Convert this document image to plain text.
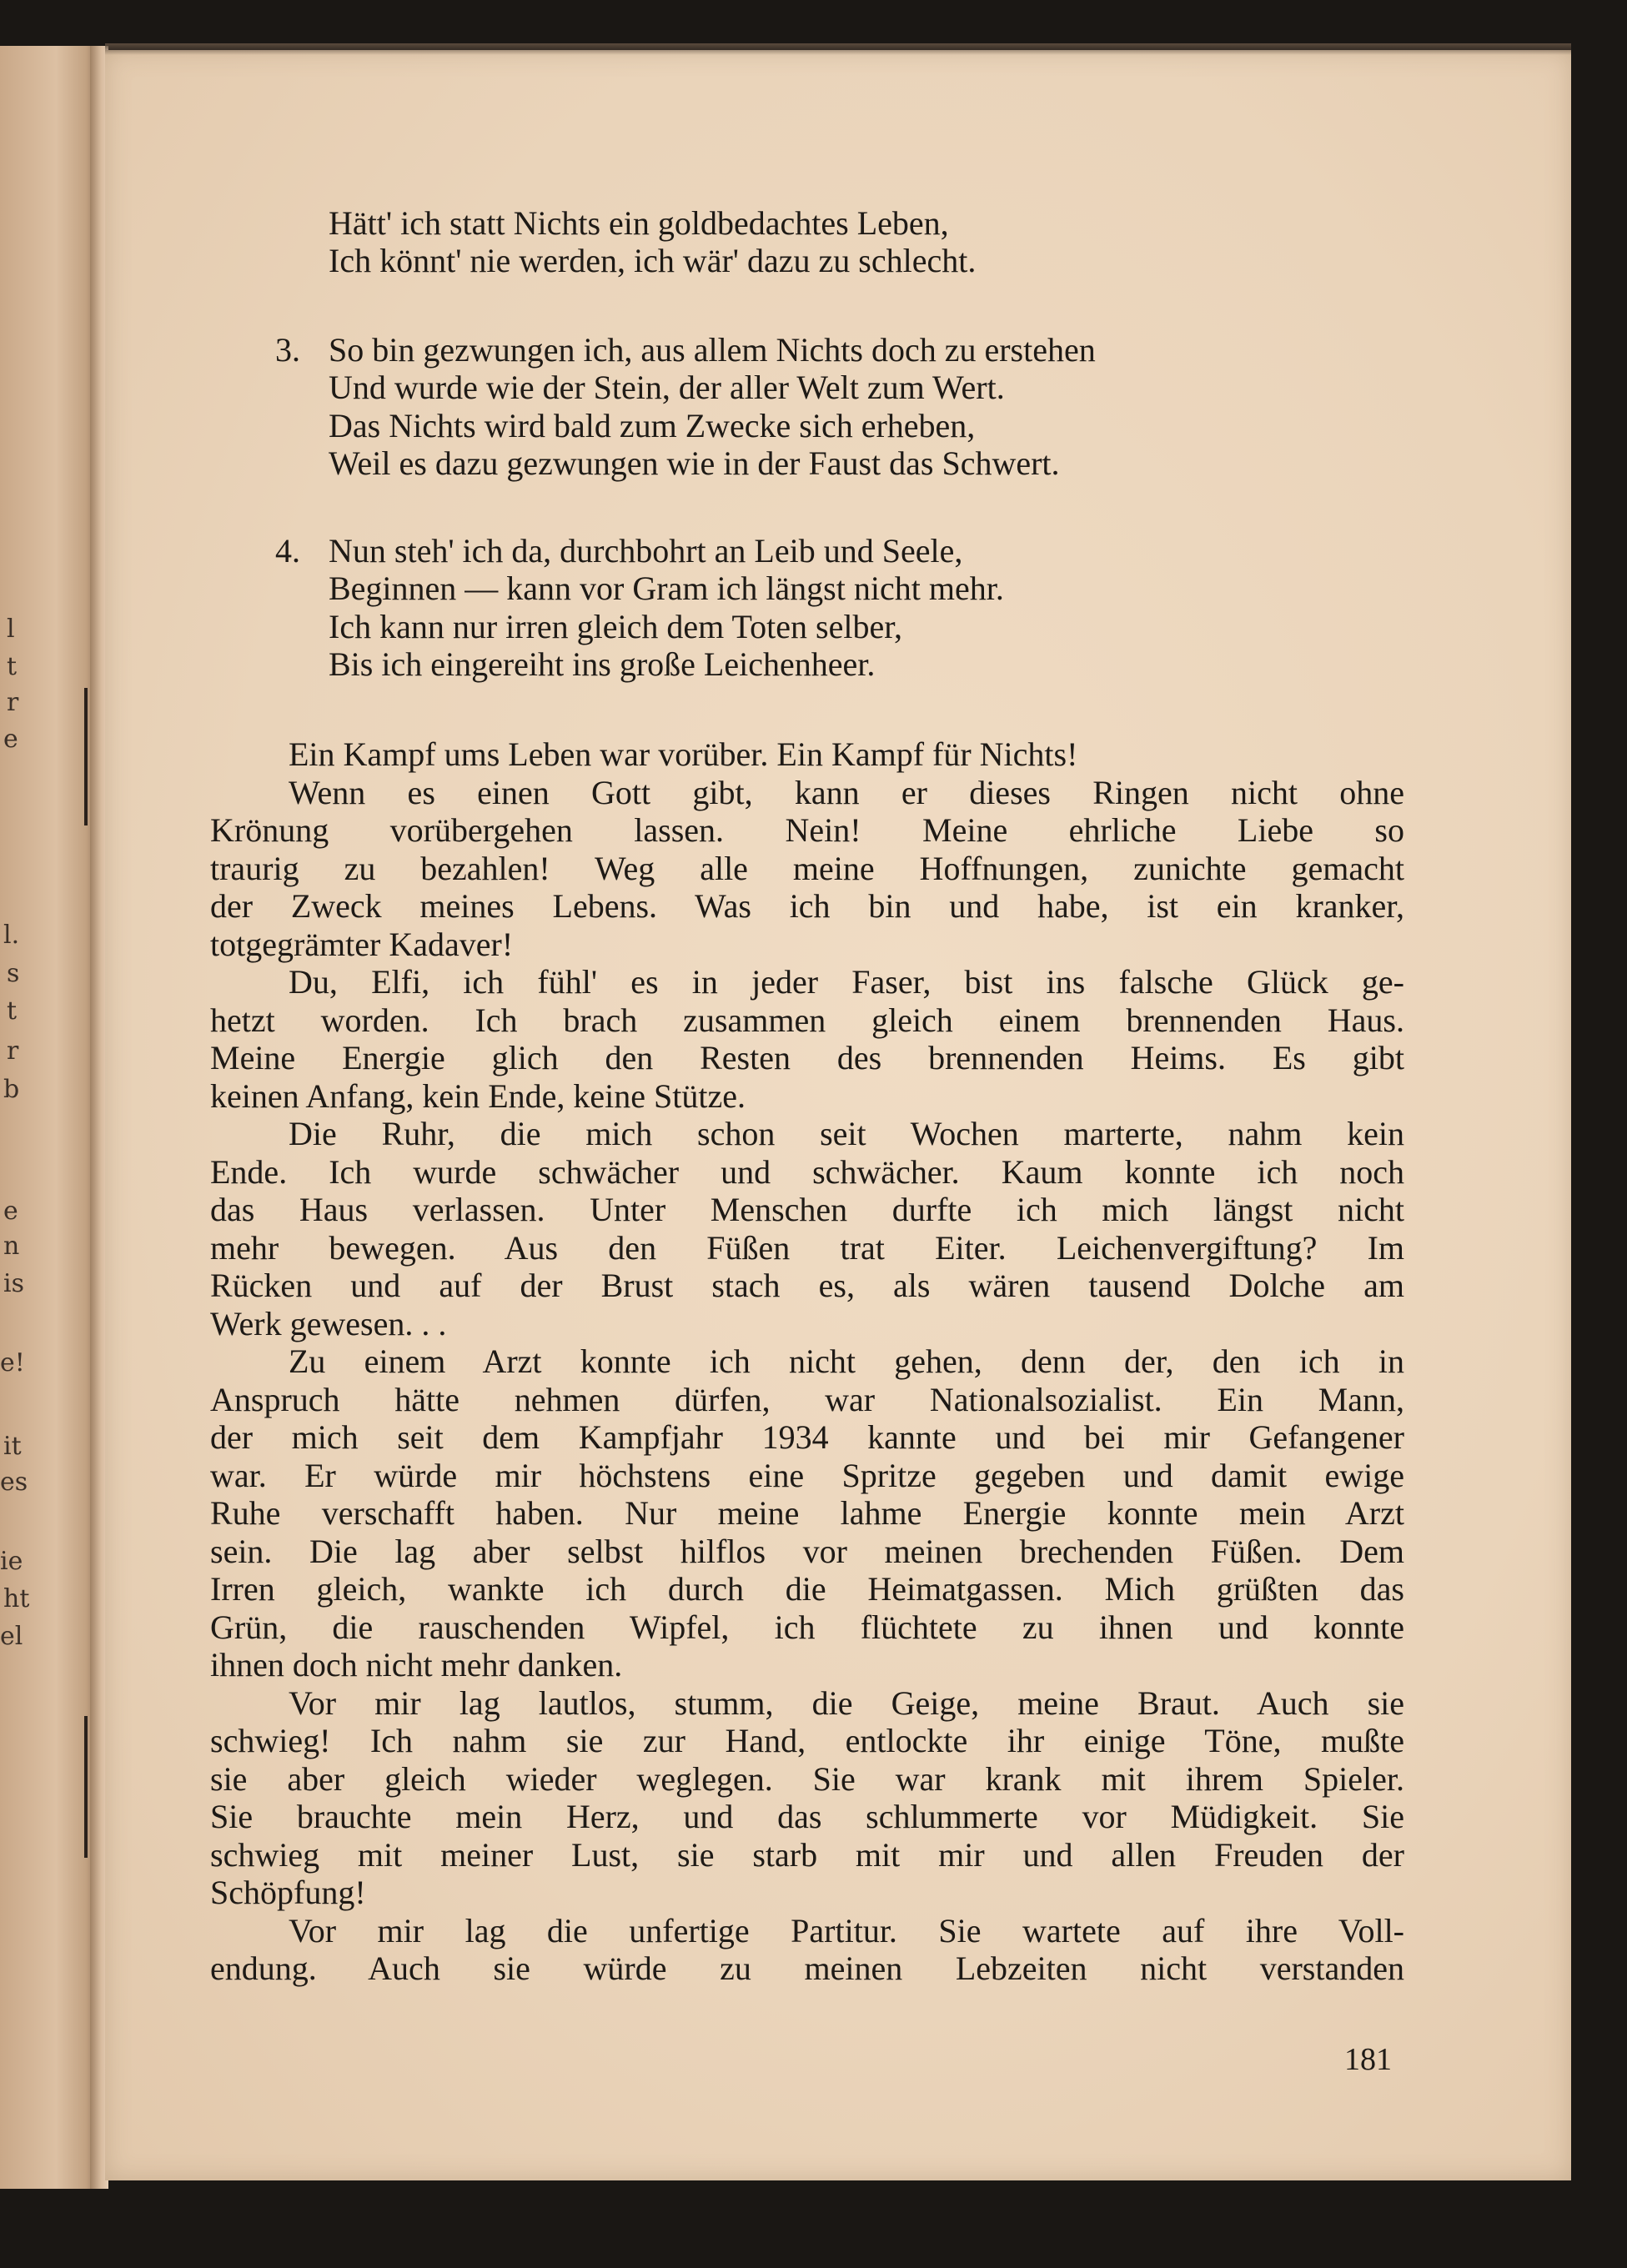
l
t
r
e
l.
s
t
r
b
e
n
is
e!
it
es
ie
ht
el
Hätt' ich statt Nichts ein goldbedachtes Leben,
Ich könnt' nie werden, ich wär' dazu zu schlecht.
3. So bin gezwungen ich, aus allem Nichts doch zu erstehen
Und wurde wie der Stein, der aller Welt zum Wert.
Das Nichts wird bald zum Zwecke sich erheben,
Weil es dazu gezwungen wie in der Faust das Schwert.
4. Nun steh' ich da, durchbohrt an Leib und Seele,
Beginnen — kann vor Gram ich längst nicht mehr.
Ich kann nur irren gleich dem Toten selber,
Bis ich eingereiht ins große Leichenheer.
Ein Kampf ums Leben war vorüber. Ein Kampf für Nichts!
Wenn es einen Gott gibt, kann er dieses Ringen nicht ohne
Krönung vorübergehen lassen. Nein! Meine ehrliche Liebe so
traurig zu bezahlen! Weg alle meine Hoffnungen, zunichte gemacht
der Zweck meines Lebens. Was ich bin und habe, ist ein kranker,
totgegrämter Kadaver!
Du, Elfi, ich fühl' es in jeder Faser, bist ins falsche Glück ge-
hetzt worden. Ich brach zusammen gleich einem brennenden Haus.
Meine Energie glich den Resten des brennenden Heims. Es gibt
keinen Anfang, kein Ende, keine Stütze.
Die Ruhr, die mich schon seit Wochen marterte, nahm kein
Ende. Ich wurde schwächer und schwächer. Kaum konnte ich noch
das Haus verlassen. Unter Menschen durfte ich mich längst nicht
mehr bewegen. Aus den Füßen trat Eiter. Leichenvergiftung? Im
Rücken und auf der Brust stach es, als wären tausend Dolche am
Werk gewesen. . .
Zu einem Arzt konnte ich nicht gehen, denn der, den ich in
Anspruch hätte nehmen dürfen, war Nationalsozialist. Ein Mann,
der mich seit dem Kampfjahr 1934 kannte und bei mir Gefangener
war. Er würde mir höchstens eine Spritze gegeben und damit ewige
Ruhe verschafft haben. Nur meine lahme Energie konnte mein Arzt
sein. Die lag aber selbst hilflos vor meinen brechenden Füßen. Dem
Irren gleich, wankte ich durch die Heimatgassen. Mich grüßten das
Grün, die rauschenden Wipfel, ich flüchtete zu ihnen und konnte
ihnen doch nicht mehr danken.
Vor mir lag lautlos, stumm, die Geige, meine Braut. Auch sie
schwieg! Ich nahm sie zur Hand, entlockte ihr einige Töne, mußte
sie aber gleich wieder weglegen. Sie war krank mit ihrem Spieler.
Sie brauchte mein Herz, und das schlummerte vor Müdigkeit. Sie
schwieg mit meiner Lust, sie starb mit mir und allen Freuden der
Schöpfung!
Vor mir lag die unfertige Partitur. Sie wartete auf ihre Voll-
endung. Auch sie würde zu meinen Lebzeiten nicht verstanden
181
